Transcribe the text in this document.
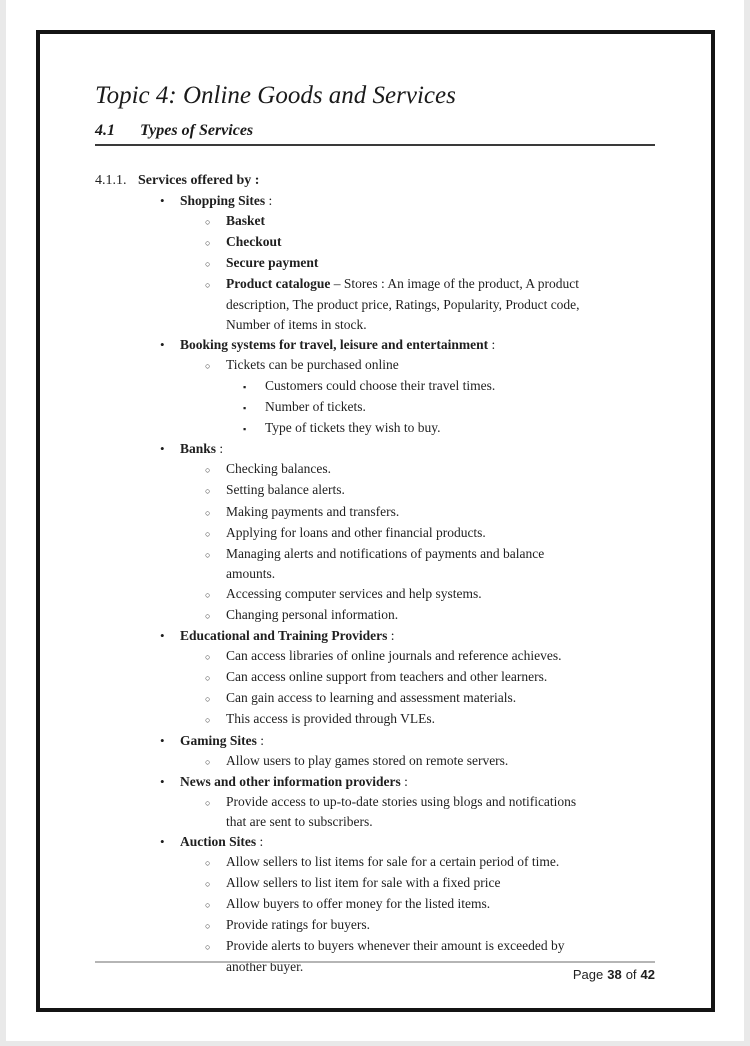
Topic 4: Online Goods and Services
4.1 Types of Services
4.1.1. Services offered by :
•	Shopping Sites :
○	Basket
○	Checkout
○	Secure payment
○	Product catalogue – Stores : An image of the product, A product
description, The product price, Ratings, Popularity, Product code,
Number of items in stock.
•	Booking systems for travel, leisure and entertainment :
○	Tickets can be purchased online
▪	Customers could choose their travel times.
▪	Number of tickets.
▪	Type of tickets they wish to buy.
•	Banks :
○	Checking balances.
○	Setting balance alerts.
○	Making payments and transfers.
○	Applying for loans and other financial products.
○	Managing alerts and notifications of payments and balance
amounts.
○	Accessing computer services and help systems.
○	Changing personal information.
•	Educational and Training Providers :
○	Can access libraries of online journals and reference achieves.
○	Can access online support from teachers and other learners.
○	Can gain access to learning and assessment materials.
○	This access is provided through VLEs.
•	Gaming Sites :
○	Allow users to play games stored on remote servers.
•	News and other information providers :
○	Provide access to up-to-date stories using blogs and notifications
that are sent to subscribers.
•	Auction Sites :
○	Allow sellers to list items for sale for a certain period of time.
○	Allow sellers to list item for sale with a fixed price
○	Allow buyers to offer money for the listed items.
○	Provide ratings for buyers.
○	Provide alerts to buyers whenever their amount is exceeded by
another buyer.
Page 38 of 42
